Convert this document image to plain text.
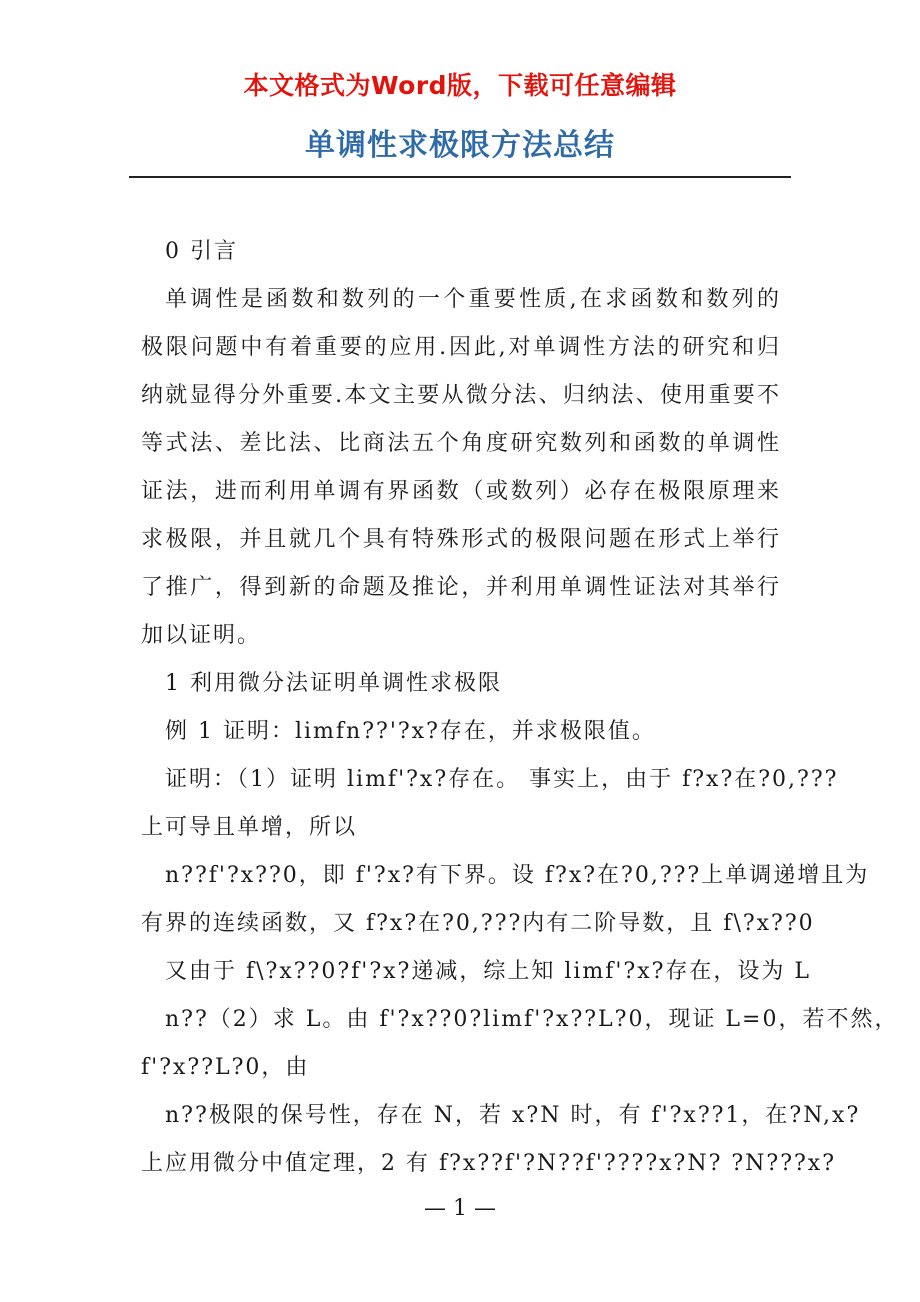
本文格式为Word版，下载可任意编辑
单调性求极限方法总结
0 引言
单调性是函数和数列的一个重要性质,在求函数和数列的
极限问题中有着重要的应用.因此,对单调性方法的研究和归
纳就显得分外重要.本文主要从微分法、归纳法、使用重要不
等式法、差比法、比商法五个角度研究数列和函数的单调性
证法，进而利用单调有界函数（或数列）必存在极限原理来
求极限，并且就几个具有特殊形式的极限问题在形式上举行
了推广，得到新的命题及推论，并利用单调性证法对其举行
加以证明。
1 利用微分法证明单调性求极限
例 1 证明：limfn??'?x?存在，并求极限值。
证明：（1）证明 limf'?x?存在。 事实上，由于 f?x?在?0,???
上可导且单增，所以
n??f'?x??0，即 f'?x?有下界。设 f?x?在?0,???上单调递增且为
有界的连续函数，又 f?x?在?0,???内有二阶导数，且 f\?x??0
又由于 f\?x??0?f'?x?递减，综上知 limf'?x?存在，设为 L
n??（2）求 L。由 f'?x??0?limf'?x??L?0，现证 L=0，若不然，
f'?x??L?0，由
n??极限的保号性，存在 N，若 x?N 时，有 f'?x??1，在?N,x?
上应用微分中值定理，2 有 f?x??f'?N??f'????x?N? ?N???x?
— 1 —
